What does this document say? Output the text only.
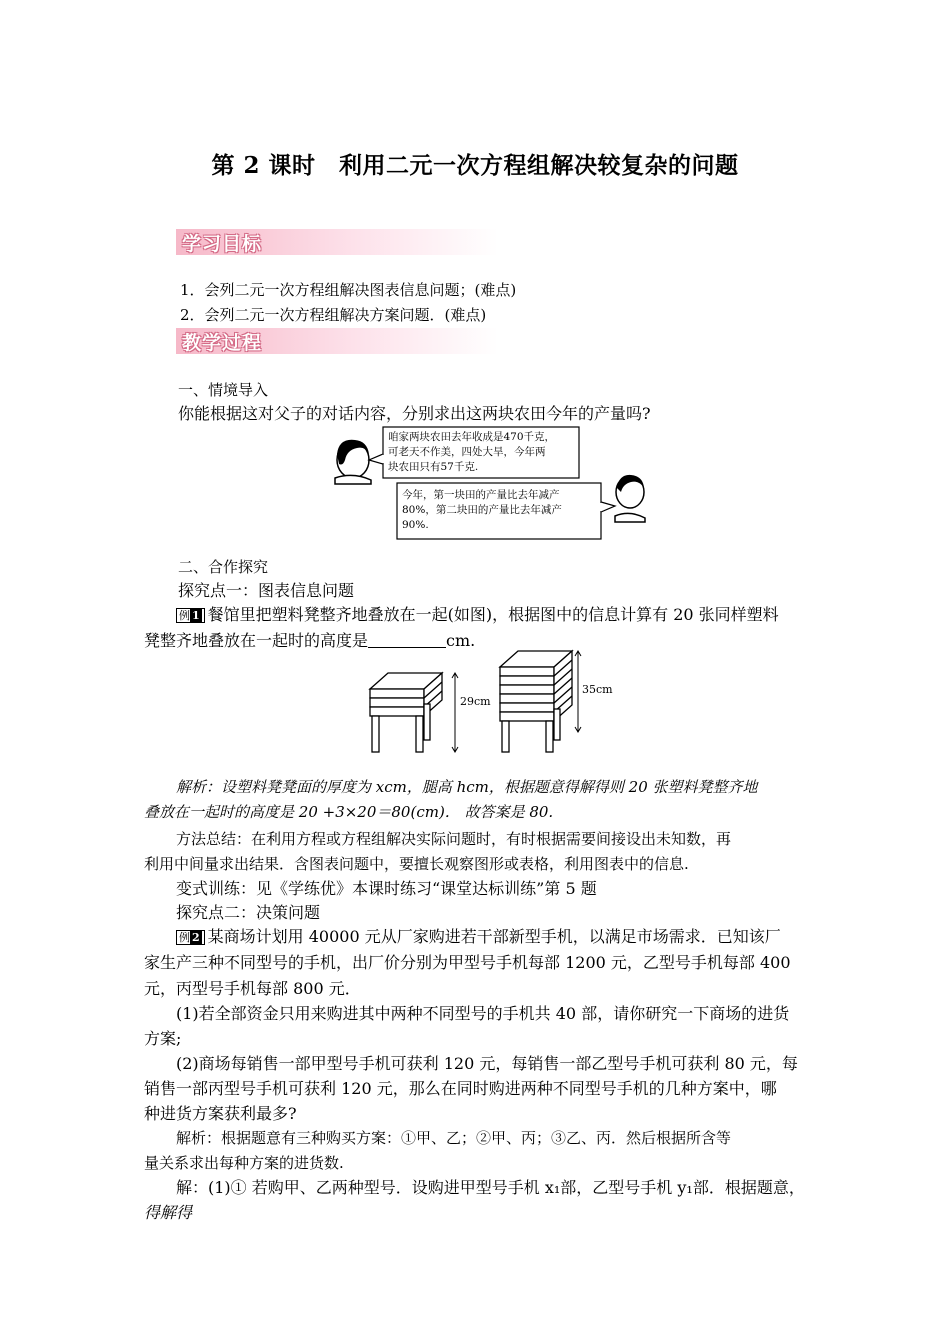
第 2 课时　利用二元一次方程组解决较复杂的问题
学习目标
1．会列二元一次方程组解决图表信息问题；(难点)
2．会列二元一次方程组解决方案问题．(难点)
教学过程
一、情境导入
你能根据这对父子的对话内容，分别求出这两块农田今年的产量吗?
咱家两块农田去年收成是470千克，
可老天不作美，四处大旱，今年两
块农田只有57千克.
今年，第一块田的产量比去年减产
80%，第二块田的产量比去年减产
90%.
二、合作探究
探究点一：图表信息问题
例 1 餐馆里把塑料凳整齐地叠放在一起(如图)，根据图中的信息计算有 20 张同样塑料
凳整齐地叠放在一起时的高度是	cm.
29cm
35cm
解析：设塑料凳凳面的厚度为 xcm，腿高 hcm，根据题意得解得则 20 张塑料凳整齐地
叠放在一起时的高度是 20 +3×20＝80(cm)． 故答案是 80.
方法总结：在利用方程或方程组解决实际问题时，有时根据需要间接设出未知数，再
利用中间量求出结果．含图表问题中，要擅长观察图形或表格，利用图表中的信息.
变式训练：见《学练优》本课时练习“课堂达标训练”第 5 题
探究点二：决策问题
例 2 某商场计划用 40000 元从厂家购进若干部新型手机，以满足市场需求．已知该厂
家生产三种不同型号的手机，出厂价分别为甲型号手机每部 1200 元，乙型号手机每部 400
元，丙型号手机每部 800 元．
(1)若全部资金只用来购进其中两种不同型号的手机共 40 部，请你研究一下商场的进货
方案;
(2)商场每销售一部甲型号手机可获利 120 元，每销售一部乙型号手机可获利 80 元，每
销售一部丙型号手机可获利 120 元，那么在同时购进两种不同型号手机的几种方案中，哪
种进货方案获利最多?
解析：根据题意有三种购买方案：①甲、乙；②甲、丙；③乙、丙．然后根据所含等
量关系求出每种方案的进货数.
解：(1)① 若购甲、乙两种型号．设购进甲型号手机 x₁部，乙型号手机 y₁部．根据题意，
得解得
